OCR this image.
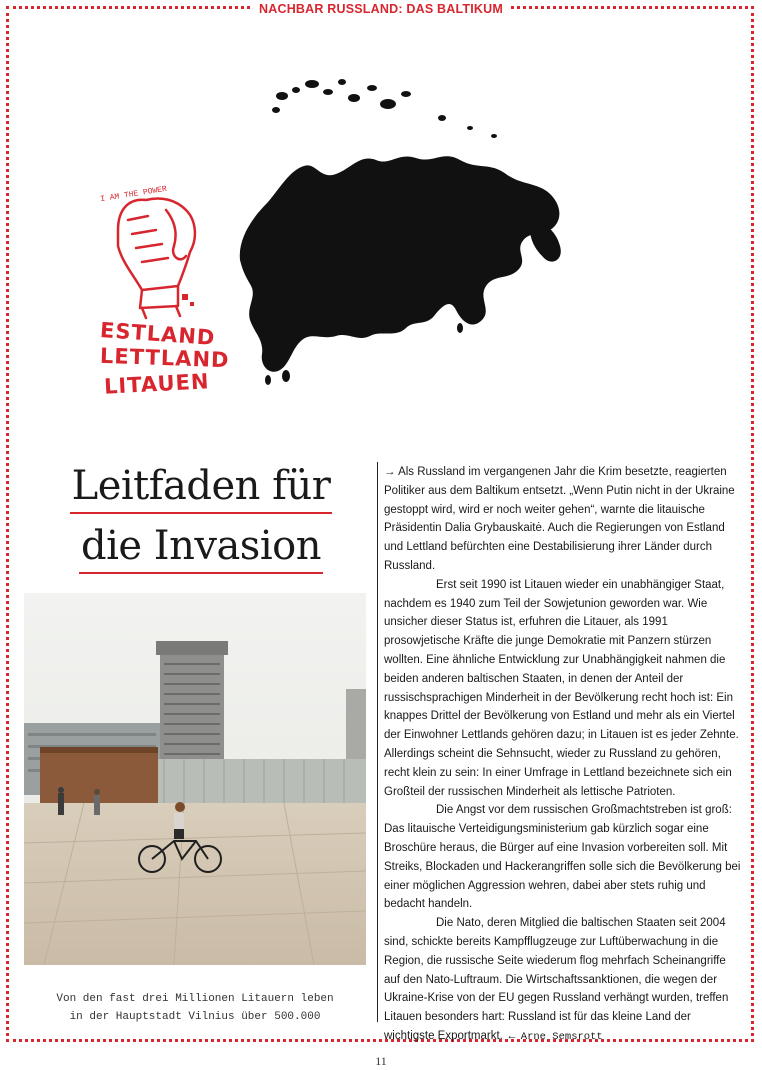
NACHBAR RUSSLAND: DAS BALTIKUM
I AM THE POWER
ESTLAND
LETTLAND
LITAUEN
Leitfaden für
die Invasion
Von den fast drei Millionen Litauern leben
in der Hauptstadt Vilnius über 500.000

→ Als Russland im vergangenen Jahr die Krim besetzte, reagierten Politiker aus dem Baltikum entsetzt. „Wenn Putin nicht in der Ukraine gestoppt wird, wird er noch weiter gehen“, warnte die litauische Präsidentin Dalia Grybauskaitė. Auch die Regierungen von Estland und Lettland befürchten eine Destabilisierung ihrer Länder durch Russland.

Erst seit 1990 ist Litauen wieder ein unabhängiger Staat, nachdem es 1940 zum Teil der Sowjetunion geworden war. Wie unsicher dieser Status ist, erfuhren die Litauer, als 1991 prosowjetische Kräfte die junge Demokratie mit Panzern stürzen wollten. Eine ähnliche Entwicklung zur Unabhängigkeit nahmen die beiden anderen baltischen Staaten, in denen der Anteil der russischsprachigen Minderheit in der Bevölkerung recht hoch ist: Ein knappes Drittel der Bevölkerung von Estland und mehr als ein Viertel der Einwohner Lettlands gehören dazu; in Litauen ist es jeder Zehnte. Allerdings scheint die Sehnsucht, wieder zu Russland zu gehören, recht klein zu sein: In einer Umfrage in Lettland bezeichnete sich ein Großteil der russischen Minderheit als lettische Patrioten.

Die Angst vor dem russischen Großmachtstreben ist groß: Das litauische Verteidigungsministerium gab kürzlich sogar eine Broschüre heraus, die Bürger auf eine Invasion vorbereiten soll. Mit Streiks, Blockaden und Hackerangriffen solle sich die Bevölkerung bei einer möglichen Aggression wehren, dabei aber stets ruhig und bedacht handeln.

Die Nato, deren Mitglied die baltischen Staaten seit 2004 sind, schickte bereits Kampfflugzeuge zur Luftüberwachung in die Region, die russische Seite wiederum flog mehrfach Scheinangriffe auf den Nato-Luftraum. Die Wirtschaftssanktionen, die wegen der Ukraine-Krise von der EU gegen Russland verhängt wurden, treffen Litauen besonders hart: Russland ist für das kleine Land der wichtigste Exportmarkt. ← Arne Semsrott

11
